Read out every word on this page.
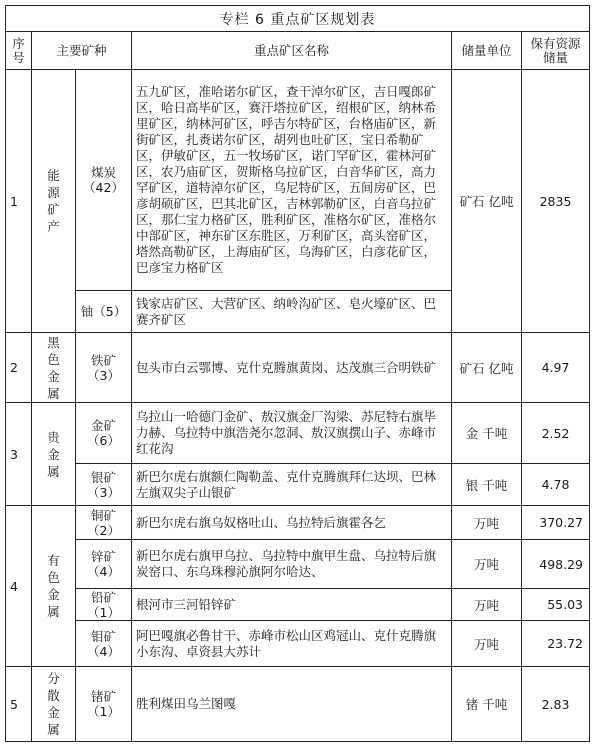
专栏 6 重点矿区规划表					
序号	主要矿种		重点矿区名称	储量单位	保有资源储量
1	能源矿产	煤炭（42）	五九矿区，准哈诺尔矿区，查干淖尔矿区，吉日嘎郎矿区，哈日高毕矿区，赛汗塔拉矿区，绍根矿区，纳林希里矿区，纳林河矿区，呼吉尔特矿区，台格庙矿区，新街矿区，扎赉诺尔矿区，胡列也吐矿区，宝日希勒矿区，伊敏矿区，五一牧场矿区，诺门罕矿区，霍林河矿区，农乃庙矿区，贺斯格乌拉矿区，白音华矿区，高力罕矿区，道特淖尔矿区，乌尼特矿区，五间房矿区，巴彦胡硕矿区，巴其北矿区，吉林郭勒矿区，白音乌拉矿区，那仁宝力格矿区，胜利矿区，准格尔矿区，准格尔中部矿区，神东矿区东胜区，万利矿区，高头窑矿区，塔然高勒矿区，上海庙矿区，乌海矿区，白彦花矿区，巴彦宝力格矿区	矿石 亿吨	2835
		铀（5）	钱家店矿区、大营矿区、纳岭沟矿区、皂火壕矿区、巴赛齐矿区		
2	黑色金属	铁矿（3）	包头市白云鄂博、克什克腾旗黄岗、达茂旗三合明铁矿	矿石 亿吨	4.97
3	贵金属	金矿（6）	乌拉山一哈德门金矿、敖汉旗金厂沟梁、苏尼特右旗毕力赫、乌拉特中旗浩尧尔忽洞、敖汉旗撰山子、赤峰市红花沟	金 千吨	2.52
		银矿（3）	新巴尔虎右旗额仁陶勒盖、克什克腾旗拜仁达坝、巴林左旗双尖子山银矿	银 千吨	4.78
4	有色金属	铜矿（2）	新巴尔虎右旗乌奴格吐山、乌拉特后旗霍各乞	万吨	370.27
		锌矿（4）	新巴尔虎右旗甲乌拉、乌拉特中旗甲生盘、乌拉特后旗炭窑口、东乌珠穆沁旗阿尔哈达、	万吨	498.29
		铅矿（1）	根河市三河铅锌矿	万吨	55.03
		钼矿（4）	阿巴嘎旗必鲁甘干、赤峰市松山区鸡冠山、克什克腾旗小东沟、卓资县大苏计	万吨	23.72
5	分散金属	锗矿（1）	胜利煤田乌兰图嘎	锗 千吨	2.83
